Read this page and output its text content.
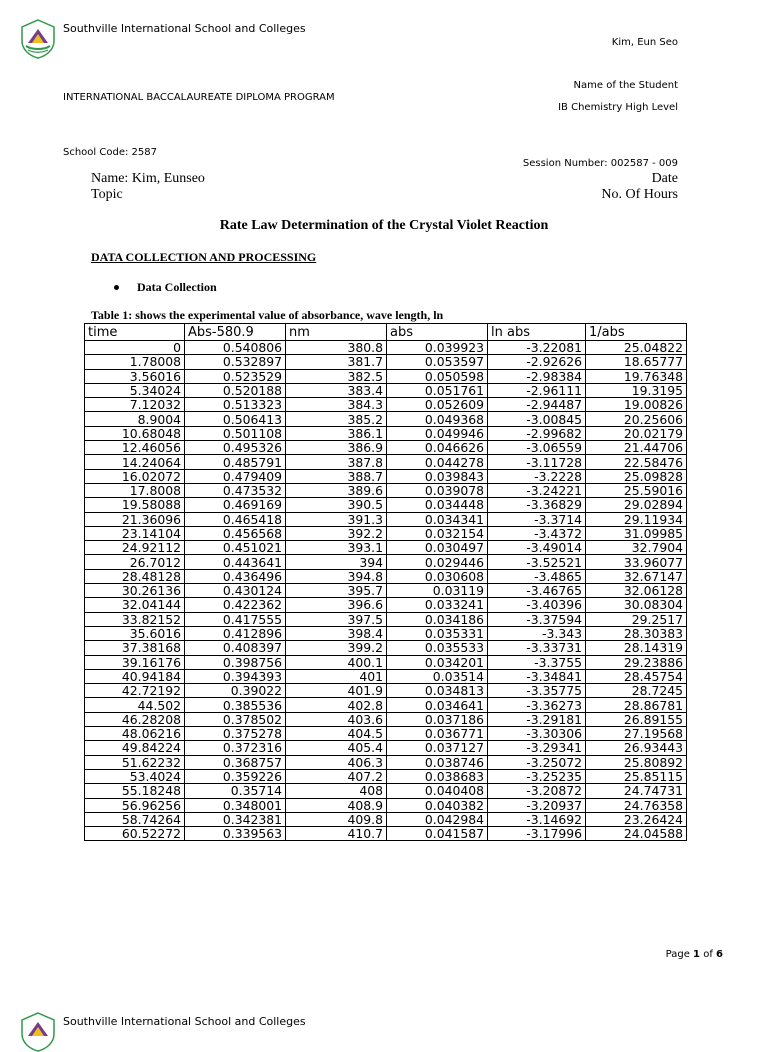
Southville International School and Colleges
Kim, Eun Seo
Name of the Student
INTERNATIONAL BACCALAUREATE DIPLOMA PROGRAM
IB Chemistry High Level
School Code: 2587
Session Number: 002587 - 009
Name: Kim, Eunseo	Date
Topic	No. Of Hours
Rate Law Determination of the Crystal Violet Reaction
DATA COLLECTION AND PROCESSING
Data Collection
Table 1: shows the experimental value of absorbance, wave length, ln
time	Abs-580.9	nm	abs	ln abs	1/abs
0	0.540806	380.8	0.039923	-3.22081	25.04822
1.78008	0.532897	381.7	0.053597	-2.92626	18.65777
3.56016	0.523529	382.5	0.050598	-2.98384	19.76348
5.34024	0.520188	383.4	0.051761	-2.96111	19.3195
7.12032	0.513323	384.3	0.052609	-2.94487	19.00826
8.9004	0.506413	385.2	0.049368	-3.00845	20.25606
10.68048	0.501108	386.1	0.049946	-2.99682	20.02179
12.46056	0.495326	386.9	0.046626	-3.06559	21.44706
14.24064	0.485791	387.8	0.044278	-3.11728	22.58476
16.02072	0.479409	388.7	0.039843	-3.2228	25.09828
17.8008	0.473532	389.6	0.039078	-3.24221	25.59016
19.58088	0.469169	390.5	0.034448	-3.36829	29.02894
21.36096	0.465418	391.3	0.034341	-3.3714	29.11934
23.14104	0.456568	392.2	0.032154	-3.4372	31.09985
24.92112	0.451021	393.1	0.030497	-3.49014	32.7904
26.7012	0.443641	394	0.029446	-3.52521	33.96077
28.48128	0.436496	394.8	0.030608	-3.4865	32.67147
30.26136	0.430124	395.7	0.03119	-3.46765	32.06128
32.04144	0.422362	396.6	0.033241	-3.40396	30.08304
33.82152	0.417555	397.5	0.034186	-3.37594	29.2517
35.6016	0.412896	398.4	0.035331	-3.343	28.30383
37.38168	0.408397	399.2	0.035533	-3.33731	28.14319
39.16176	0.398756	400.1	0.034201	-3.3755	29.23886
40.94184	0.394393	401	0.03514	-3.34841	28.45754
42.72192	0.39022	401.9	0.034813	-3.35775	28.7245
44.502	0.385536	402.8	0.034641	-3.36273	28.86781
46.28208	0.378502	403.6	0.037186	-3.29181	26.89155
48.06216	0.375278	404.5	0.036771	-3.30306	27.19568
49.84224	0.372316	405.4	0.037127	-3.29341	26.93443
51.62232	0.368757	406.3	0.038746	-3.25072	25.80892
53.4024	0.359226	407.2	0.038683	-3.25235	25.85115
55.18248	0.35714	408	0.040408	-3.20872	24.74731
56.96256	0.348001	408.9	0.040382	-3.20937	24.76358
58.74264	0.342381	409.8	0.042984	-3.14692	23.26424
60.52272	0.339563	410.7	0.041587	-3.17996	24.04588
Page 1 of 6
Southville International School and Colleges
